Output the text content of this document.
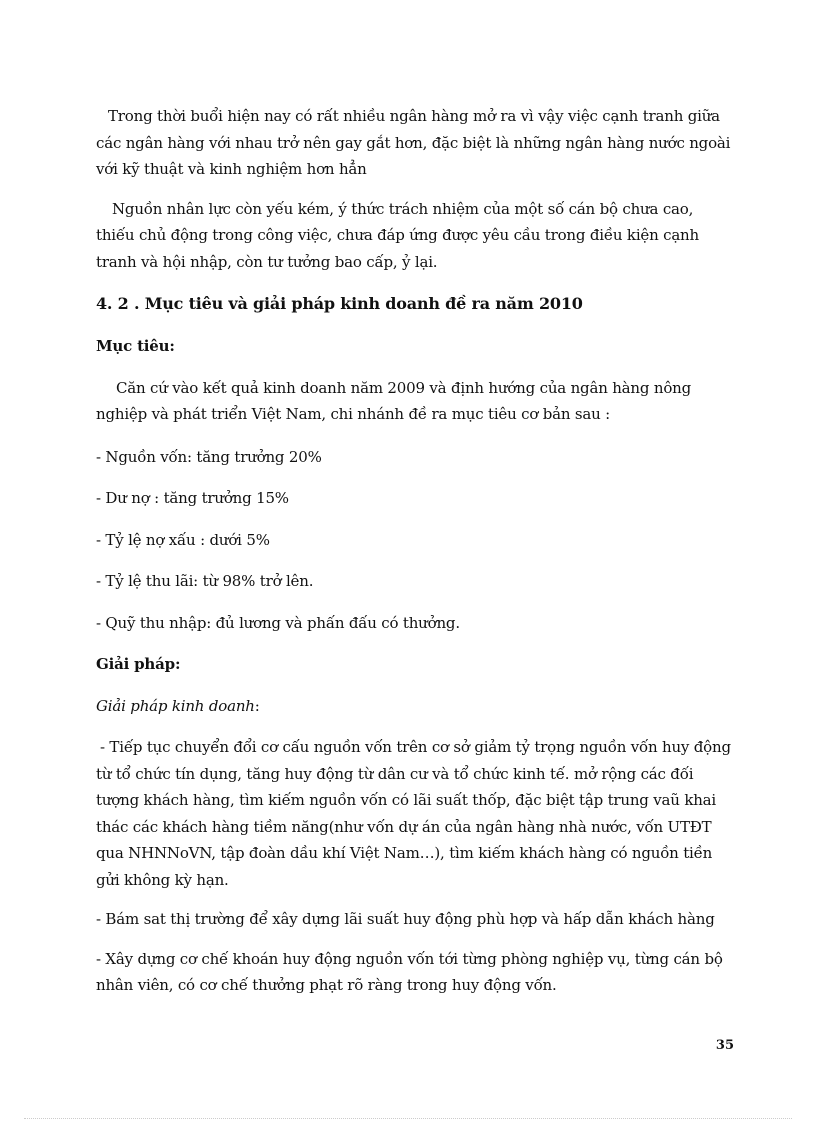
Trong thời buổi hiện nay có rất nhiều ngân hàng mở ra vì vậy việc cạnh tranh giữa các ngân hàng với nhau trở nên gay gắt hơn, đặc biệt là những ngân hàng nước ngoài với kỹ thuật và kinh nghiệm hơn hẳn

Nguồn nhân lực còn yếu kém, ý thức trách nhiệm của một số cán bộ chưa cao, thiếu chủ động trong công việc, chưa đáp ứng được yêu cầu trong điều kiện cạnh tranh và hội nhập, còn tư tưởng bao cấp, ỷ lại.

4. 2 . Mục tiêu và giải pháp kinh doanh đề ra năm 2010
Mục tiêu:

Căn cứ vào kết quả kinh doanh năm 2009 và định hướng của ngân hàng nông nghiệp và phát triển Việt Nam, chi nhánh đề ra mục tiêu cơ bản sau :

- Nguồn vốn: tăng trưởng 20%

- Dư nợ : tăng trưởng 15%

- Tỷ lệ nợ xấu : dưới 5%

- Tỷ lệ thu lãi: từ 98% trở lên.

- Quỹ thu nhập: đủ lương và phấn đấu có thưởng.

Giải pháp:

Giải pháp kinh doanh:

- Tiếp tục chuyển đổi cơ cấu nguồn vốn trên cơ sở giảm tỷ trọng nguồn vốn huy động từ tổ chức tín dụng, tăng huy động từ dân cư và tổ chức kinh tế. mở rộng các đối tượng khách hàng, tìm kiếm nguồn vốn có lãi suất thốp, đặc biệt tập trung vaũ khai thác các khách hàng tiềm năng(như vốn dự án của ngân hàng nhà nước, vốn UTĐT qua NHNNoVN, tập đoàn dầu khí Việt Nam…), tìm kiếm khách hàng có nguồn tiền gửi không kỳ hạn.

- Bám sat thị trường để xây dựng lãi suất huy động phù hợp và hấp dẫn khách hàng

- Xây dựng cơ chế khoán huy động nguồn vốn tới từng phòng nghiệp vụ, từng cán bộ nhân viên, có cơ chế thưởng phạt rõ ràng trong huy động vốn.

35
